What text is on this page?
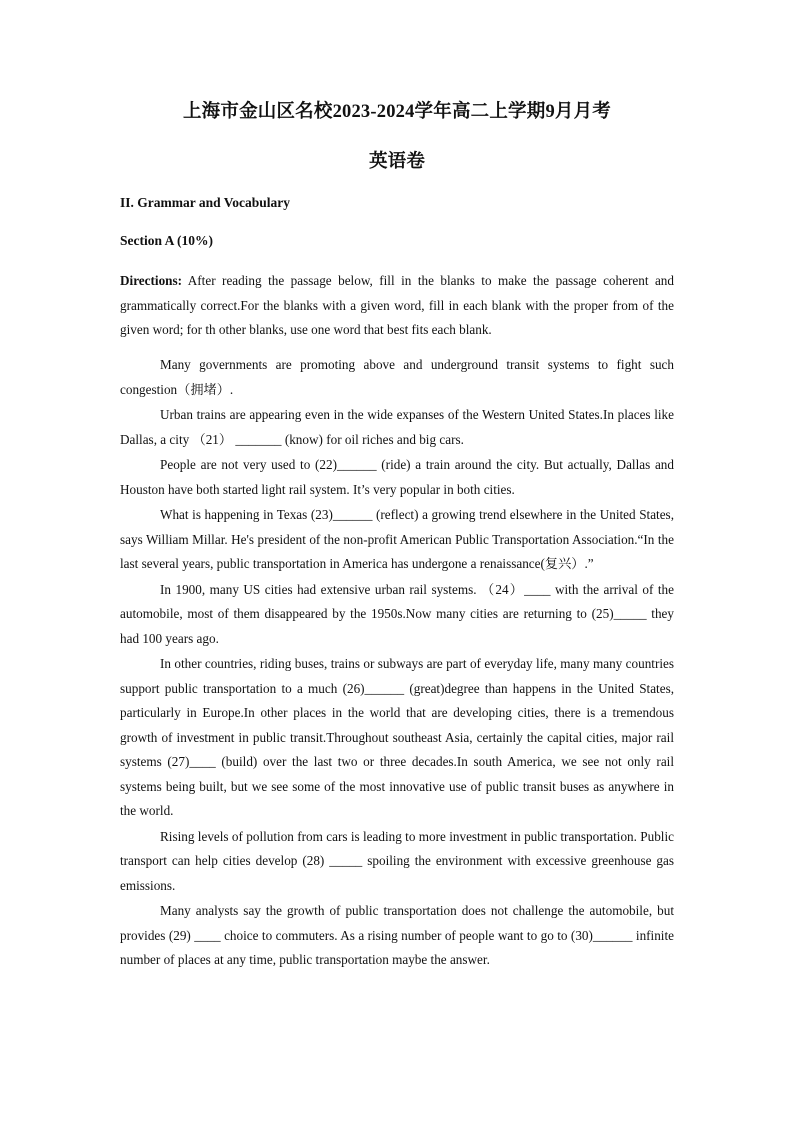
上海市金山区名校2023-2024学年高二上学期9月月考
英语卷
II. Grammar and Vocabulary
Section A (10%)

Directions: After reading the passage below, fill in the blanks to make the passage coherent and grammatically correct.For the blanks with a given word, fill in each blank with the proper from of the given word; for th other blanks, use one word that best fits each blank.

Many governments are promoting above and underground transit systems to fight such congestion（拥堵）.

Urban trains are appearing even in the wide expanses of the Western United States.In places like Dallas, a city （21） _______ (know) for oil riches and big cars.

People are not very used to (22)______ (ride) a train around the city. But actually, Dallas and Houston have both started light rail system. It’s very popular in both cities.

What is happening in Texas (23)______ (reflect) a growing trend elsewhere in the United States, says William Millar. He's president of the non-profit American Public Transportation Association.“In the last several years, public transportation in America has undergone a renaissance(复兴）.”

In 1900, many US cities had extensive urban rail systems. （24）____ with the arrival of the automobile, most of them disappeared by the 1950s.Now many cities are returning to (25)_____ they had 100 years ago.

In other countries, riding buses, trains or subways are part of everyday life, many many countries support public transportation to a much (26)______ (great)degree than happens in the United States, particularly in Europe.In other places in the world that are developing cities, there is a tremendous growth of investment in public transit.Throughout southeast Asia, certainly the capital cities, major rail systems (27)____ (build) over the last two or three decades.In south America, we see not only rail systems being built, but we see some of the most innovative use of public transit buses as anywhere in the world.

Rising levels of pollution from cars is leading to more investment in public transportation. Public transport can help cities develop (28) _____ spoiling the environment with excessive greenhouse gas emissions.

Many analysts say the growth of public transportation does not challenge the automobile, but provides (29) ____ choice to commuters. As a rising number of people want to go to (30)______ infinite number of places at any time, public transportation maybe the answer.
